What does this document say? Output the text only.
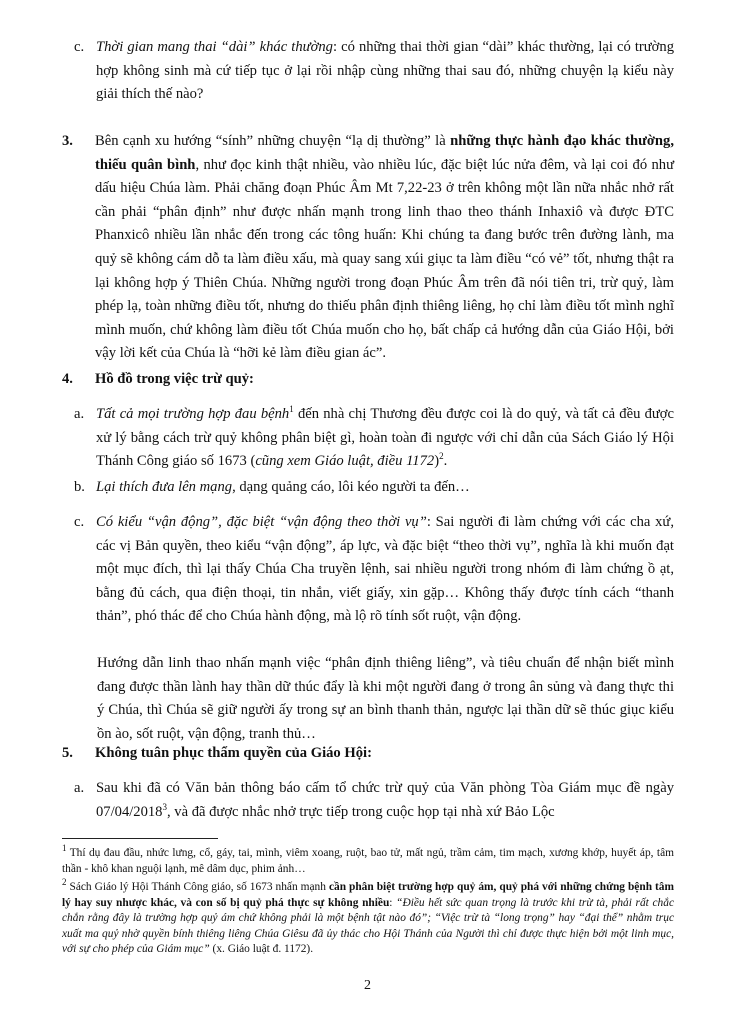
c. Thời gian mang thai “dài” khác thường: có những thai thời gian “dài” khác thường, lại có trường hợp không sinh mà cứ tiếp tục ở lại rồi nhập cùng những thai sau đó, những chuyện lạ kiểu này giải thích thế nào?
3. Bên cạnh xu hướng “sính” những chuyện “lạ dị thường” là những thực hành đạo khác thường, thiếu quân bình, như đọc kinh thật nhiều, vào nhiều lúc, đặc biệt lúc nửa đêm, và lại coi đó như dấu hiệu Chúa làm. Phải chăng đoạn Phúc Âm Mt 7,22-23 ở trên không một lần nữa nhắc nhở rất cần phải “phân định” như được nhấn mạnh trong linh thao theo thánh Inhaxiô và được ĐTC Phanxicô nhiều lần nhắc đến trong các tông huấn: Khi chúng ta đang bước trên đường lành, ma quỷ sẽ không cám dỗ ta làm điều xấu, mà quay sang xúi giục ta làm điều “có vẻ” tốt, nhưng thật ra lại không hợp ý Thiên Chúa. Những người trong đoạn Phúc Âm trên đã nói tiên tri, trừ quỷ, làm phép lạ, toàn những điều tốt, nhưng do thiếu phân định thiêng liêng, họ chỉ làm điều tốt mình nghĩ mình muốn, chứ không làm điều tốt Chúa muốn cho họ, bất chấp cả hướng dẫn của Giáo Hội, bởi vậy lời kết của Chúa là “hỡi kẻ làm điều gian ác”.
4. Hồ đồ trong việc trừ quỷ:
a. Tất cả mọi trường hợp đau bệnh$^1$ đến nhà chị Thương đều được coi là do quỷ, và tất cả đều được xử lý bằng cách trừ quỷ không phân biệt gì, hoàn toàn đi ngược với chỉ dẫn của Sách Giáo lý Hội Thánh Công giáo số 1673 (cũng xem Giáo luật, điều 1172)$^2$.
b. Lại thích đưa lên mạng, dạng quảng cáo, lôi kéo người ta đến…
c. Có kiểu “vận động”, đặc biệt “vận động theo thời vụ”: Sai người đi làm chứng với các cha xứ, các vị Bản quyền, theo kiểu “vận động”, áp lực, và đặc biệt “theo thời vụ”, nghĩa là khi muốn đạt một mục đích, thì lại thấy Chúa Cha truyền lệnh, sai nhiều người trong nhóm đi làm chứng ồ ạt, bằng đủ cách, qua điện thoại, tin nhắn, viết giấy, xin gặp… Không thấy được tính cách “thanh thản”, phó thác để cho Chúa hành động, mà lộ rõ tính sốt ruột, vận động.
Hướng dẫn linh thao nhấn mạnh việc “phân định thiêng liêng”, và tiêu chuẩn để nhận biết mình đang được thần lành hay thần dữ thúc đẩy là khi một người đang ở trong ân sủng và đang thực thi ý Chúa, thì Chúa sẽ giữ người ấy trong sự an bình thanh thản, ngược lại thần dữ sẽ thúc giục kiểu ồn ào, sốt ruột, vận động, tranh thủ…
5. Không tuân phục thẩm quyền của Giáo Hội:
a. Sau khi đã có Văn bản thông báo cấm tổ chức trừ quỷ của Văn phòng Tòa Giám mục đề ngày 07/04/2018$^3$, và đã được nhắc nhở trực tiếp trong cuộc họp tại nhà xứ Bảo Lộc
$^1$ Thí dụ đau đầu, nhức lưng, cổ, gáy, tai, mình, viêm xoang, ruột, bao tử, mất ngủ, trầm cảm, tim mạch, xương khớp, huyết áp, tâm thần - khô khan nguội lạnh, mê dâm dục, phim ảnh…
$^2$ Sách Giáo lý Hội Thánh Công giáo, số 1673 nhấn mạnh cần phân biệt trường hợp quỷ ám, quỷ phá với những chứng bệnh tâm lý hay suy nhược khác, và con số bị quỷ phá thực sự không nhiều: “Điều hết sức quan trọng là trước khi trừ tà, phải rất chắc chắn rằng đây là trường hợp quỷ ám chứ không phải là một bệnh tật nào đó”; “Việc trừ tà “long trọng” hay “đại thể” nhằm trục xuất ma quỷ nhờ quyền bính thiêng liêng Chúa Giêsu đã ủy thác cho Hội Thánh của Người thì chỉ được thực hiện bởi một linh mục, với sự cho phép của Giám mục” (x. Giáo luật đ. 1172).
2
